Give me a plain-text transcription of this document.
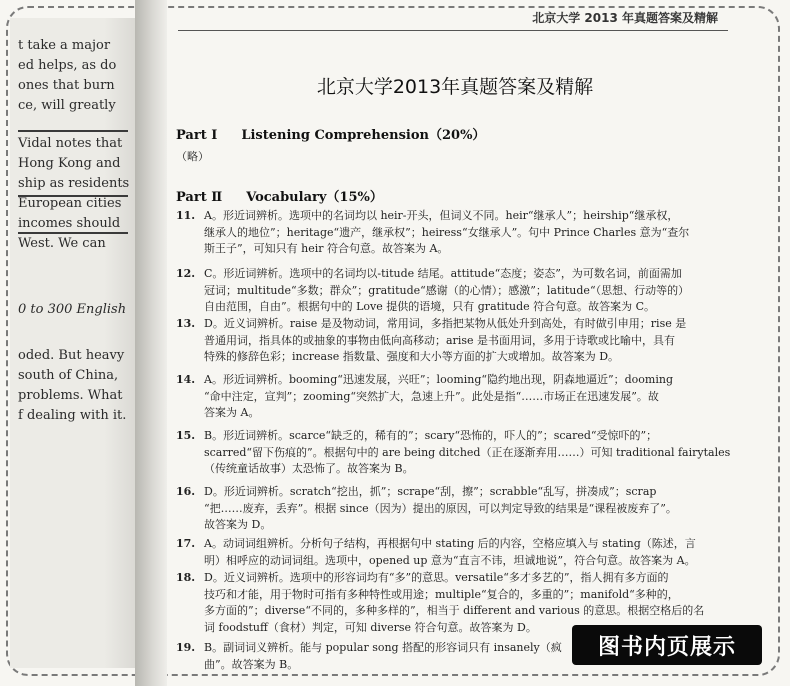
t take a major
ed helps, as do
ones that burn
ce, will greatly
Vidal notes that
Hong Kong and
ship as residents
European cities
incomes should
West. We can
0 to 300 English
oded. But heavy
south of China,
problems. What
f dealing with it.
北京大学 2013 年真题答案及精解
北京大学2013年真题答案及精解
Part Ⅰ Listening Comprehension（20%）
（略）
Part Ⅱ Vocabulary（15%）
11. A。形近词辨析。选项中的名词均以 heir-开头，但词义不同。heir“继承人”；heirship“继承权，
继承人的地位”；heritage“遗产，继承权”；heiress“女继承人”。句中 Prince Charles 意为“查尔
斯王子”，可知只有 heir 符合句意。故答案为 A。
12. C。形近词辨析。选项中的名词均以-titude 结尾。attitude“态度；姿态”，为可数名词，前面需加
冠词；multitude“多数；群众”；gratitude“感谢（的心情）；感激”；latitude“（思想、行动等的）
自由范围，自由”。根据句中的 Love 提供的语境，只有 gratitude 符合句意。故答案为 C。
13. D。近义词辨析。raise 是及物动词，常用词，多指把某物从低处升到高处，有时做引申用；rise 是
普通用词，指具体的或抽象的事物由低向高移动；arise 是书面用词，多用于诗歌或比喻中，具有
特殊的修辞色彩；increase 指数量、强度和大小等方面的扩大或增加。故答案为 D。
14. A。形近词辨析。booming“迅速发展，兴旺”；looming“隐约地出现，阴森地逼近”；dooming
“命中注定，宣判”；zooming“突然扩大，急速上升”。此处是指“……市场正在迅速发展”。故
答案为 A。
15. B。形近词辨析。scarce“缺乏的，稀有的”；scary“恐怖的，吓人的”；scared“受惊吓的”；
scarred“留下伤痕的”。根据句中的 are being ditched（正在逐渐弃用……）可知 traditional fairytales
（传统童话故事）太恐怖了。故答案为 B。
16. D。形近词辨析。scratch“挖出，抓”；scrape“刮，擦”；scrabble“乱写，拼凑成”；scrap
“把……废弃，丢弃”。根据 since（因为）提出的原因，可以判定导致的结果是“课程被废弃了”。
故答案为 D。
17. A。动词词组辨析。分析句子结构，再根据句中 stating 后的内容，空格应填入与 stating（陈述，言
明）相呼应的动词词组。选项中，opened up 意为“直言不讳，坦诚地说”，符合句意。故答案为 A。
18. D。近义词辨析。选项中的形容词均有“多”的意思。versatile“多才多艺的”，指人拥有多方面的
技巧和才能，用于物时可指有多种特性或用途；multiple“复合的，多重的”；manifold“多种的，
多方面的”；diverse“不同的，多种多样的”，相当于 different and various 的意思。根据空格后的名
词 foodstuff（食材）判定，可知 diverse 符合句意。故答案为 D。
19. B。副词词义辨析。能与 popular song 搭配的形容词只有 insanely（疯
曲”。故答案为 B。
图书内页展示
